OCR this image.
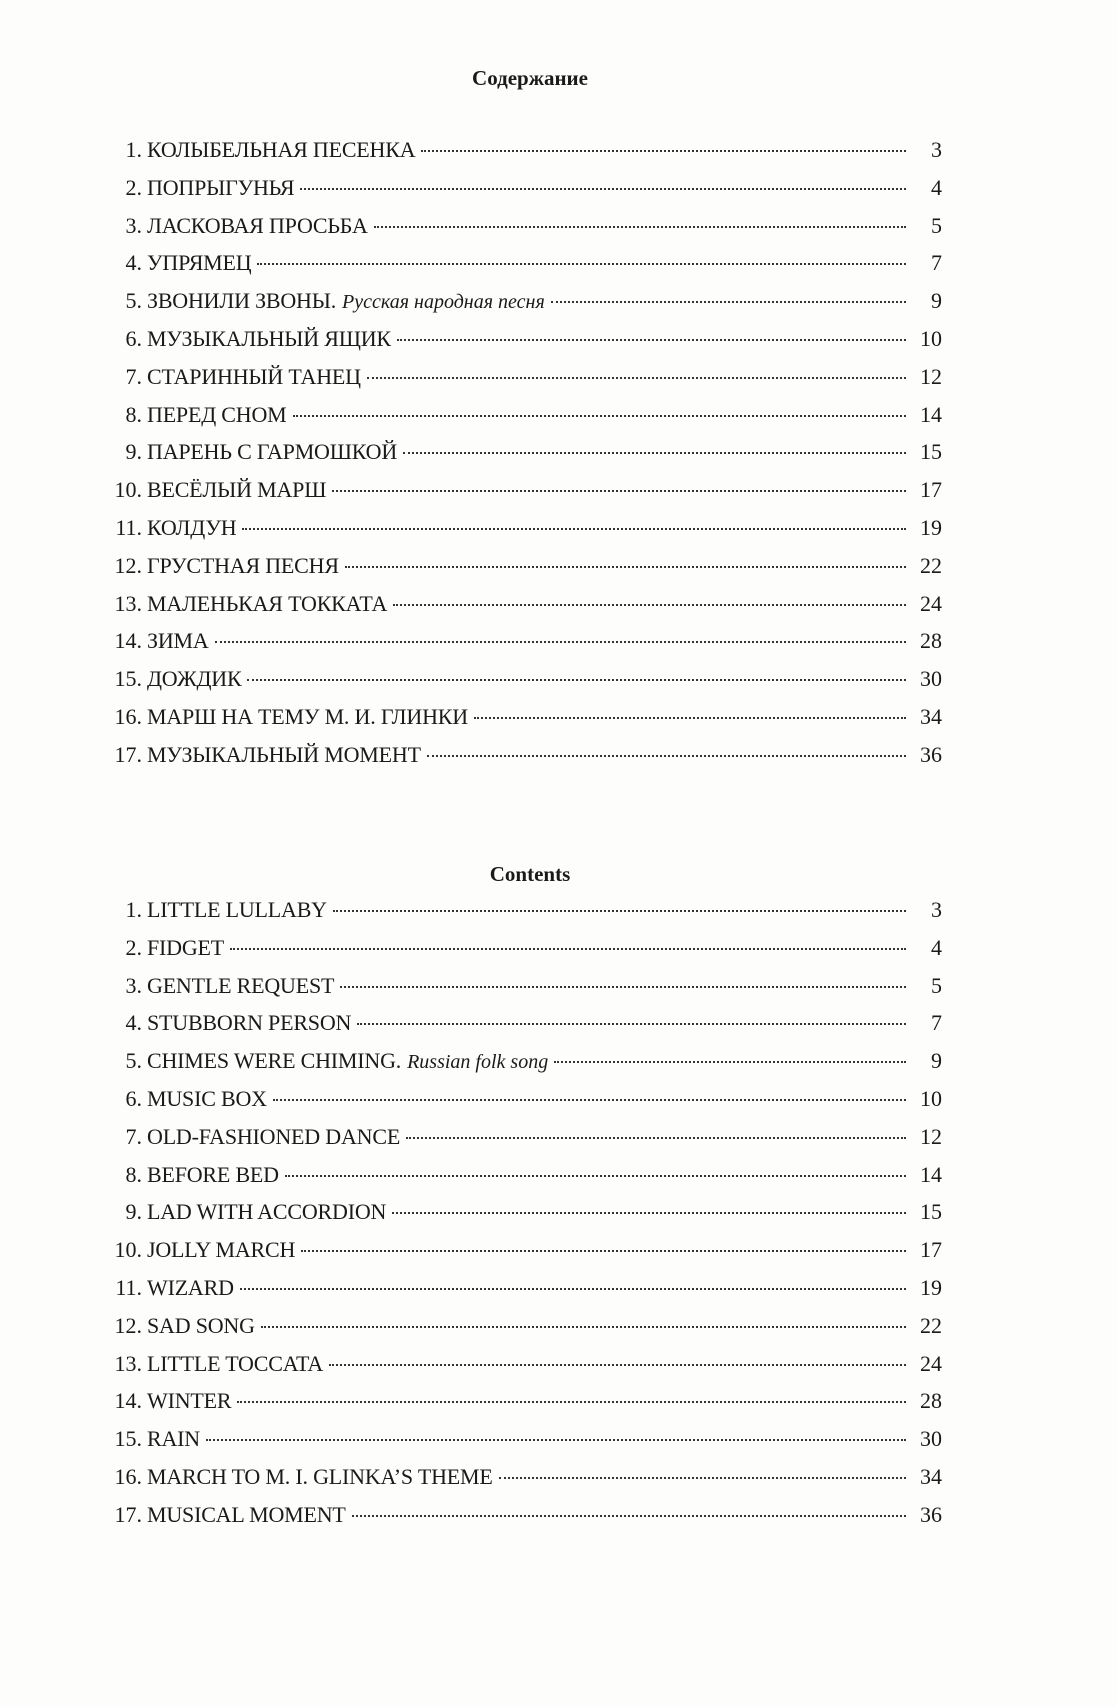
Содержание
1. КОЛЫБЕЛЬНАЯ ПЕСЕНКА	3
2. ПОПРЫГУНЬЯ	4
3. ЛАСКОВАЯ ПРОСЬБА	5
4. УПРЯМЕЦ	7
5. ЗВОНИЛИ ЗВОНЫ. Русская народная песня	9
6. МУЗЫКАЛЬНЫЙ ЯЩИК	10
7. СТАРИННЫЙ ТАНЕЦ	12
8. ПЕРЕД СНОМ	14
9. ПАРЕНЬ С ГАРМОШКОЙ	15
10. ВЕСЁЛЫЙ МАРШ	17
11. КОЛДУН	19
12. ГРУСТНАЯ ПЕСНЯ	22
13. МАЛЕНЬКАЯ ТОККАТА	24
14. ЗИМА	28
15. ДОЖДИК	30
16. МАРШ НА ТЕМУ М. И. ГЛИНКИ	34
17. МУЗЫКАЛЬНЫЙ МОМЕНТ	36
Contents
1. LITTLE LULLABY	3
2. FIDGET	4
3. GENTLE REQUEST	5
4. STUBBORN PERSON	7
5. CHIMES WERE CHIMING. Russian folk song	9
6. MUSIC BOX	10
7. OLD-FASHIONED DANCE	12
8. BEFORE BED	14
9. LAD WITH ACCORDION	15
10. JOLLY MARCH	17
11. WIZARD	19
12. SAD SONG	22
13. LITTLE TOCCATA	24
14. WINTER	28
15. RAIN	30
16. MARCH TO M. I. GLINKA’S THEME	34
17. MUSICAL MOMENT	36
